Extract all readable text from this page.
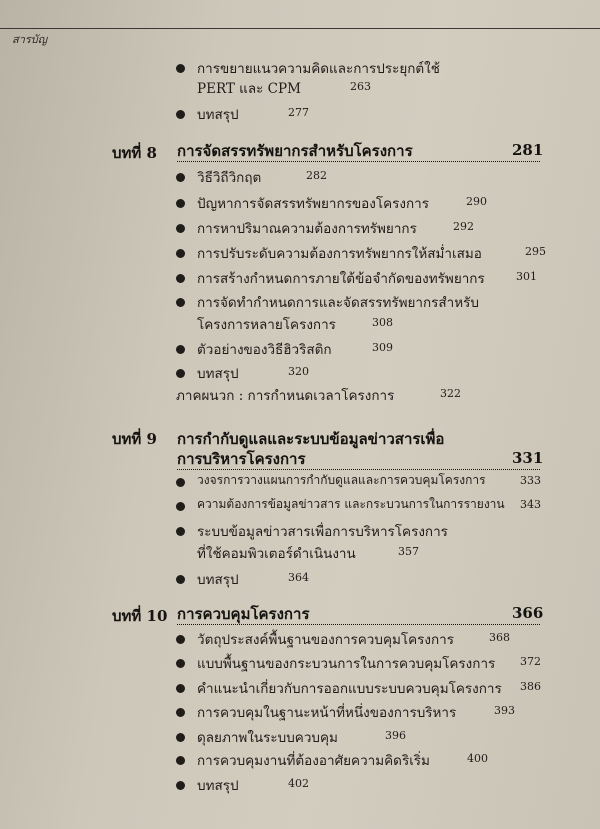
สารบัญ
การขยายแนวความคิดและการประยุกต์ใช้
PERT และ CPM	263
บทสรุป	277
บทที่ 8 การจัดสรรทรัพยากรสำหรับโครงการ	281
วิธีวิถีวิกฤต	282
ปัญหาการจัดสรรทรัพยากรของโครงการ	290
การหาปริมาณความต้องการทรัพยากร	292
การปรับระดับความต้องการทรัพยากรให้สม่ำเสมอ	295
การสร้างกำหนดการภายใต้ข้อจำกัดของทรัพยากร	301
การจัดทำกำหนดการและจัดสรรทรัพยากรสำหรับ
โครงการหลายโครงการ	308
ตัวอย่างของวิธีฮิวริสติก	309
บทสรุป	320
ภาคผนวก : การกำหนดเวลาโครงการ	322
บทที่ 9 การกำกับดูแลและระบบข้อมูลข่าวสารเพื่อ
การบริหารโครงการ	331
วงจรการวางแผนการกำกับดูแลและการควบคุมโครงการ	333
ความต้องการข้อมูลข่าวสาร และกระบวนการในการรายงาน 343
ระบบข้อมูลข่าวสารเพื่อการบริหารโครงการ
ที่ใช้คอมพิวเตอร์ดำเนินงาน	357
บทสรุป	364
บทที่ 10 การควบคุมโครงการ	366
วัตถุประสงค์พื้นฐานของการควบคุมโครงการ	368
แบบพื้นฐานของกระบวนการในการควบคุมโครงการ 372
คำแนะนำเกี่ยวกับการออกแบบระบบควบคุมโครงการ 386
การควบคุมในฐานะหน้าที่หนึ่งของการบริหาร	393
ดุลยภาพในระบบควบคุม	396
การควบคุมงานที่ต้องอาศัยความคิดริเริ่ม	400
บทสรุป	402
